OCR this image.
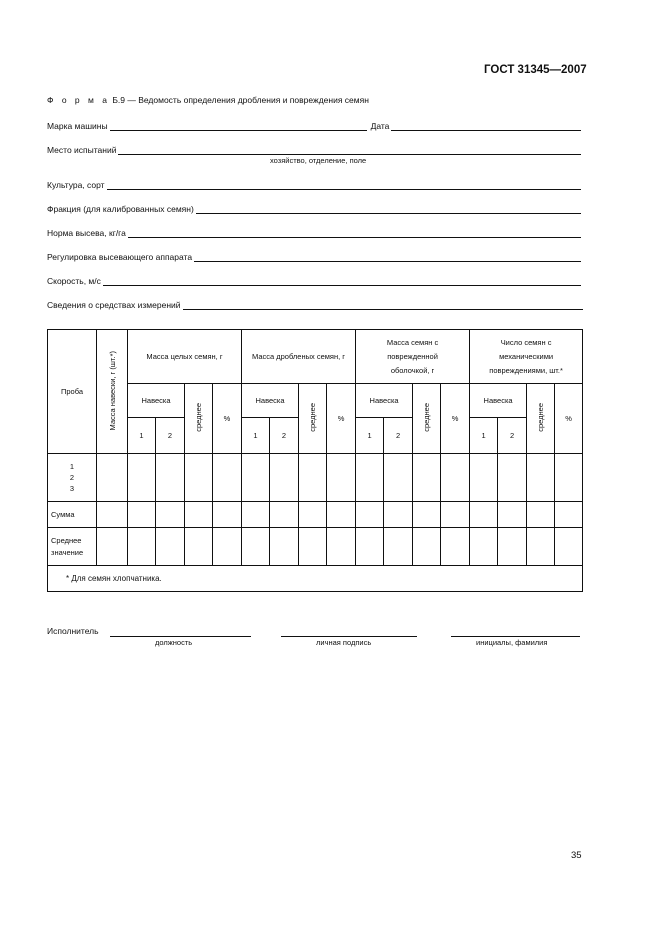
ГОСТ 31345—2007
Ф о р м а Б.9 — Ведомость определения дробления и повреждения семян
Марка машины	Дата
Место испытаний
хозяйство, отделение, поле
Культура, сорт
Фракция (для калиброванных семян)
Норма высева, кг/га
Регулировка высевающего аппарата
Скорость, м/с
Сведения о средствах измерений
Проба	Масса навески, г (шт.*)	Масса целых семян, г				Масса дробленых семян, г				Масса семян с поврежденной оболочкой, г				Число семян с механическими повреждениями, шт.*			
		Навеска		среднее	%	Навеска		среднее	%	Навеска		среднее	%	Навеска		среднее	%
		1	2			1	2			1	2			1	2		

1
2
3																	

Сумма																	
Среднее значение																	
* Для семян хлопчатника.																	
Исполнитель
должность	личная подпись	инициалы, фамилия
35
